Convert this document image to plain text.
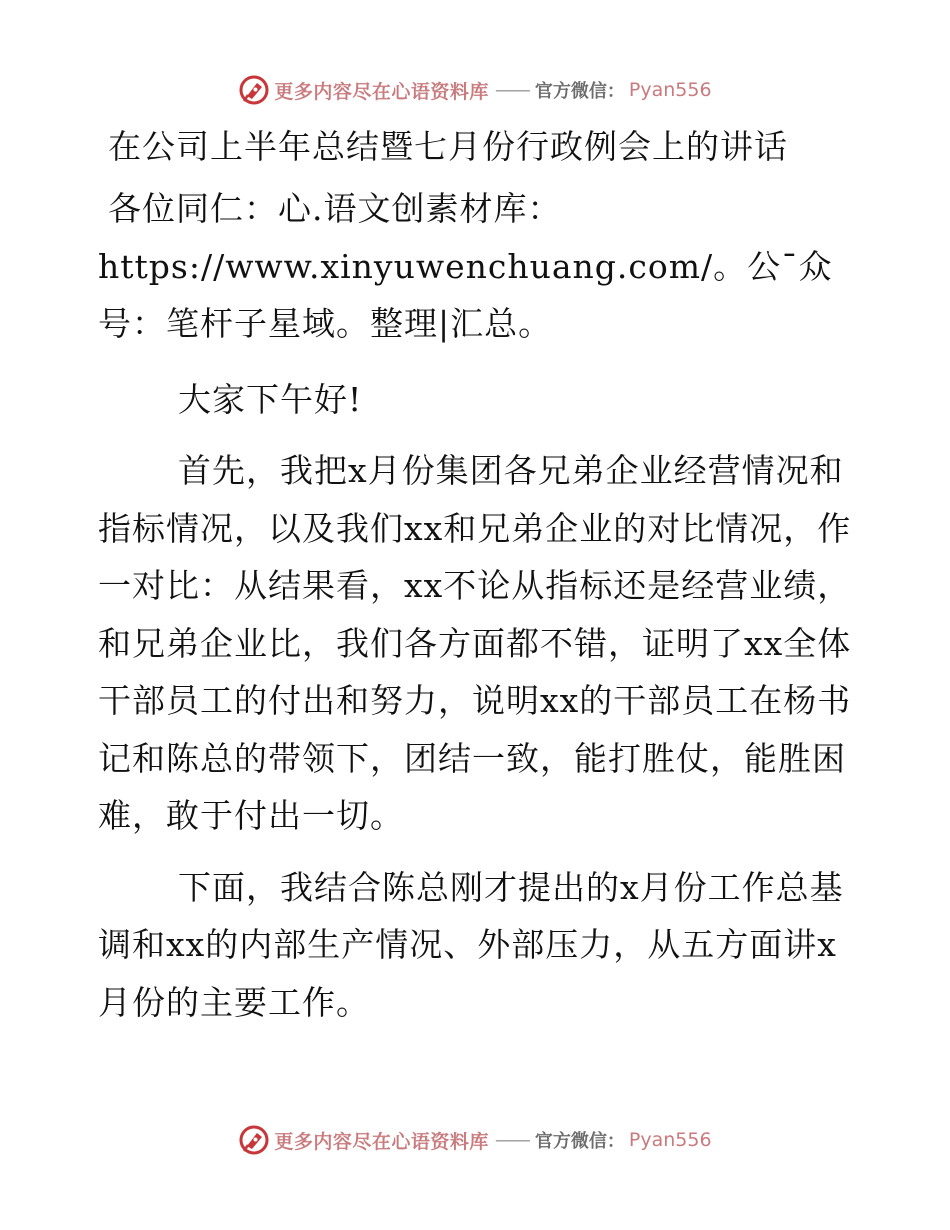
更多内容尽在心语资料库 —— 官方微信： Pyan556
在公司上半年总结暨七月份行政例会上的讲话

各位同仁：心.语文创素材库：https://www.xinyuwenchuang.com/。公¯众号：笔杆子星域。整理|汇总。

大家下午好!

首先，我把x月份集团各兄弟企业经营情况和指标情况，以及我们xx和兄弟企业的对比情况，作一对比：从结果看，xx不论从指标还是经营业绩，和兄弟企业比，我们各方面都不错，证明了xx全体干部员工的付出和努力，说明xx的干部员工在杨书记和陈总的带领下，团结一致，能打胜仗，能胜困难，敢于付出一切。

下面，我结合陈总刚才提出的x月份工作总基调和xx的内部生产情况、外部压力，从五方面讲x月份的主要工作。

更多内容尽在心语资料库 —— 官方微信： Pyan556
